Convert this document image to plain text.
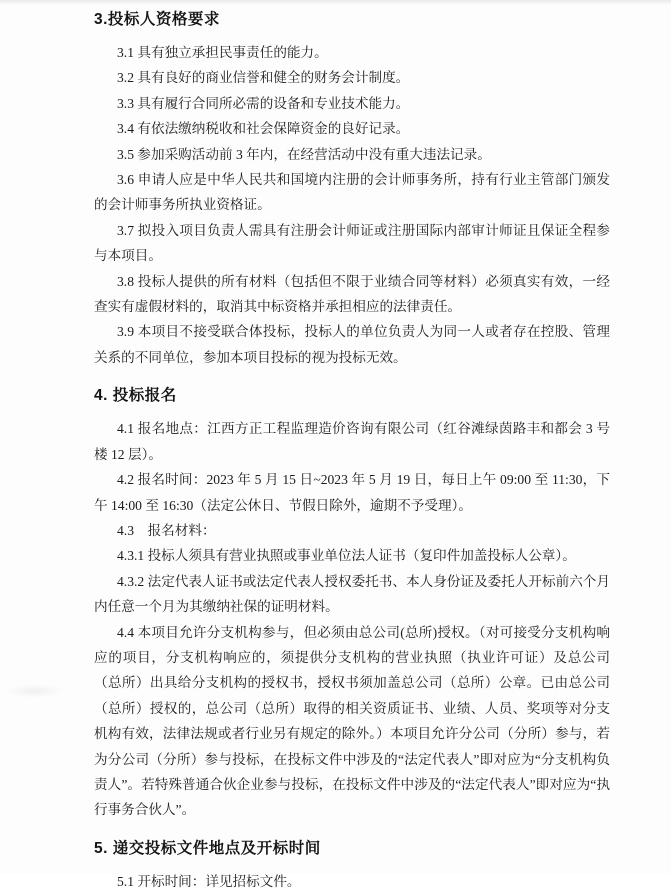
3.投标人资格要求

3.1 具有独立承担民事责任的能力。

3.2 具有良好的商业信誉和健全的财务会计制度。

3.3 具有履行合同所必需的设备和专业技术能力。

3.4 有依法缴纳税收和社会保障资金的良好记录。

3.5 参加采购活动前 3 年内，在经营活动中没有重大违法记录。

3.6 申请人应是中华人民共和国境内注册的会计师事务所，持有行业主管部门颁发的会计师事务所执业资格证。

3.7 拟投入项目负责人需具有注册会计师证或注册国际内部审计师证且保证全程参与本项目。

3.8 投标人提供的所有材料（包括但不限于业绩合同等材料）必须真实有效，一经查实有虚假材料的，取消其中标资格并承担相应的法律责任。

3.9 本项目不接受联合体投标，投标人的单位负责人为同一人或者存在控股、管理关系的不同单位，参加本项目投标的视为投标无效。

4. 投标报名

4.1 报名地点：江西方正工程监理造价咨询有限公司（红谷滩绿茵路丰和都会 3 号楼 12 层）。

4.2 报名时间：2023 年 5 月 15 日~2023 年 5 月 19 日，每日上午 09:00 至 11:30，下午 14:00 至 16:30（法定公休日、节假日除外，逾期不予受理）。

4.3　报名材料：

4.3.1 投标人须具有营业执照或事业单位法人证书（复印件加盖投标人公章）。

4.3.2 法定代表人证书或法定代表人授权委托书、本人身份证及委托人开标前六个月内任意一个月为其缴纳社保的证明材料。

4.4 本项目允许分支机构参与，但必须由总公司(总所)授权。（对可接受分支机构响应的项目，分支机构响应的，须提供分支机构的营业执照（执业许可证）及总公司（总所）出具给分支机构的授权书，授权书须加盖总公司（总所）公章。已由总公司（总所）授权的，总公司（总所）取得的相关资质证书、业绩、人员、奖项等对分支机构有效，法律法规或者行业另有规定的除外。）本项目允许分公司（分所）参与，若为分公司（分所）参与投标，在投标文件中涉及的“法定代表人”即对应为“分支机构负责人”。若特殊普通合伙企业参与投标，在投标文件中涉及的“法定代表人”即对应为“执行事务合伙人”。

5. 递交投标文件地点及开标时间

5.1 开标时间：详见招标文件。
